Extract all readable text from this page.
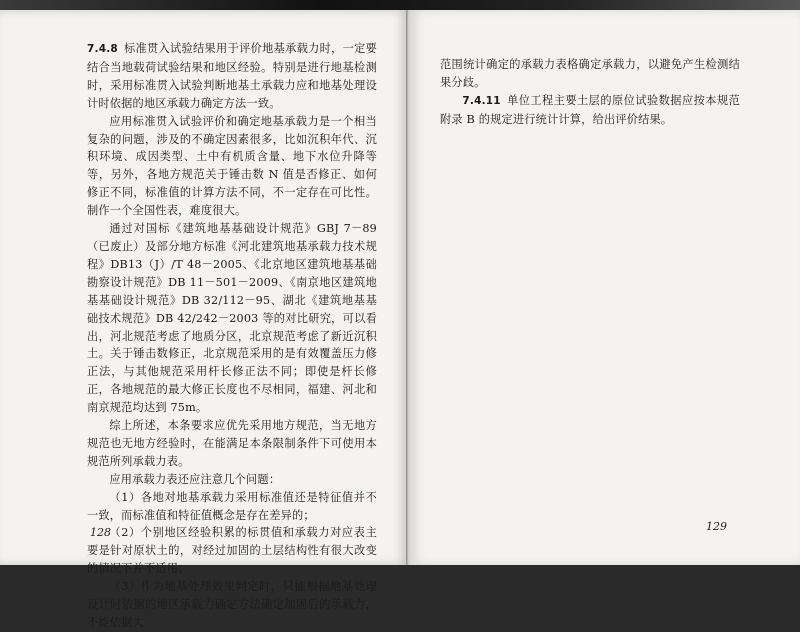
7.4.8 标准贯入试验结果用于评价地基承载力时，一定要结合当地载荷试验结果和地区经验。特别是进行地基检测时，采用标准贯入试验判断地基土承载力应和地基处理设计时依据的地区承载力确定方法一致。

应用标准贯入试验评价和确定地基承载力是一个相当复杂的问题，涉及的不确定因素很多，比如沉积年代、沉积环境、成因类型、土中有机质含量、地下水位升降等等，另外，各地方规范关于锤击数 N 值是否修正、如何修正不同，标准值的计算方法不同，不一定存在可比性。制作一个全国性表，难度很大。

通过对国标《建筑地基基础设计规范》GBJ 7－89（已废止）及部分地方标准《河北建筑地基承载力技术规程》DB13（J）/T 48－2005、《北京地区建筑地基基础勘察设计规范》DB 11－501－2009、《南京地区建筑地基基础设计规范》DB 32/112－95、湖北《建筑地基基础技术规范》DB 42/242－2003 等的对比研究，可以看出，河北规范考虑了地质分区，北京规范考虑了新近沉积土。关于锤击数修正，北京规范采用的是有效覆盖压力修正法，与其他规范采用杆长修正法不同；即使是杆长修正，各地规范的最大修正长度也不尽相同，福建、河北和南京规范均达到 75m。

综上所述，本条要求应优先采用地方规范，当无地方规范也无地方经验时，在能满足本条限制条件下可使用本规范所列承载力表。

应用承载力表还应注意几个问题：

（1）各地对地基承载力采用标准值还是特征值并不一致，而标准值和特征值概念是存在差异的；

（2）个别地区经验积累的标贯值和承载力对应表主要是针对原状土的，对经过加固的土层结构性有很大改变的情况下并不适用；

（3）作为地基处理效果判定时，只能根据地基处理设计时依据的地区承载力确定方法确定加固后的承载力，不能依据大

128

范围统计确定的承载力表格确定承载力，以避免产生检测结果分歧。

7.4.11 单位工程主要土层的原位试验数据应按本规范附录 B 的规定进行统计计算，给出评价结果。

129
